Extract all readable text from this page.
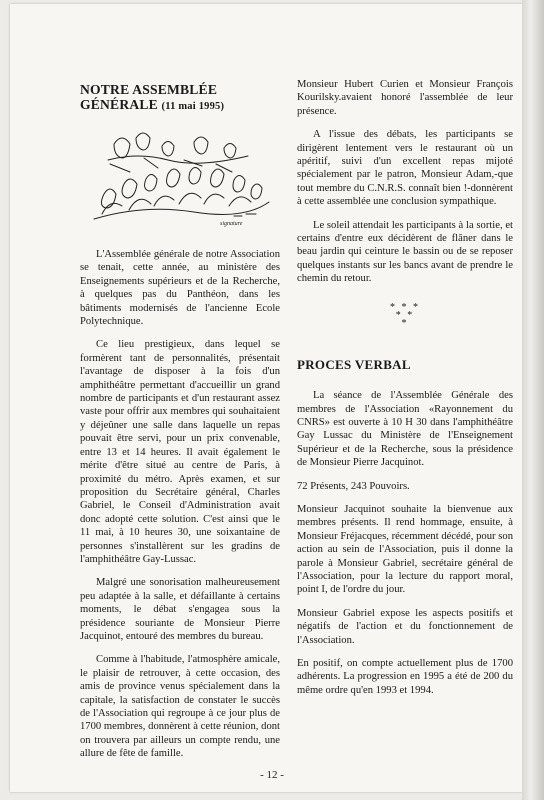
NOTRE ASSEMBLÉE
GÉNÉRALE (11 mai 1995)
signature

L'Assemblée générale de notre Association se tenait, cette année, au ministère des Enseignements supérieurs et de la Recherche, à quelques pas du Panthéon, dans les bâtiments modernisés de l'ancienne Ecole Polytechnique.

Ce lieu prestigieux, dans lequel se formèrent tant de personnalités, présentait l'avantage de disposer à la fois d'un amphithéâtre permettant d'accueillir un grand nombre de participants et d'un restaurant assez vaste pour offrir aux membres qui souhaitaient y déjeûner une salle dans laquelle un repas pouvait être servi, pour un prix convenable, entre 13 et 14 heures. Il avait également le mérite d'être situé au centre de Paris, à proximité du métro. Après examen, et sur proposition du Secrétaire général, Charles Gabriel, le Conseil d'Administration avait donc adopté cette solution. C'est ainsi que le 11 mai, à 10 heures 30, une soixantaine de personnes s'installèrent sur les gradins de l'amphithéâtre Gay-Lussac.

Malgré une sonorisation malheureusement peu adaptée à la salle, et défaillante à certains moments, le débat s'engagea sous la présidence souriante de Monsieur Pierre Jacquinot, entouré des membres du bureau.

Comme à l'habitude, l'atmosphère amicale, le plaisir de retrouver, à cette occasion, des amis de province venus spécialement dans la capitale, la satisfaction de constater le succès de l'Association qui regroupe à ce jour plus de 1700 membres, donnèrent à cette réunion, dont on trouvera par ailleurs un compte rendu, une allure de fête de famille.

Monsieur Hubert Curien et Monsieur François Kourilsky.avaient honoré l'assemblée de leur présence.

A l'issue des débats, les participants se dirigèrent lentement vers le restaurant où un apéritif, suivi d'un excellent repas mijoté spécialement par le patron, Monsieur Adam,-que tout membre du C.N.R.S. connaît bien !-donnèrent à cette assemblée une conclusion sympathique.

Le soleil attendait les participants à la sortie, et certains d'entre eux décidèrent de flâner dans le beau jardin qui ceinture le bassin ou de se reposer quelques instants sur les bancs avant de prendre le chemin du retour.

* * *
* *
*
PROCES VERBAL

La séance de l'Assemblée Générale des membres de l'Association «Rayonnement du CNRS» est ouverte à 10 H 30 dans l'amphithéâtre Gay Lussac du Ministère de l'Enseignement Supérieur et de la Recherche, sous la présidence de Monsieur Pierre Jacquinot.

72 Présents, 243 Pouvoirs.

Monsieur Jacquinot souhaite la bienvenue aux membres présents. Il rend hommage, ensuite, à Monsieur Fréjacques, récemment décédé, pour son action au sein de l'Association, puis il donne la parole à Monsieur Gabriel, secrétaire général de l'Association, pour la lecture du rapport moral, point I, de l'ordre du jour.

Monsieur Gabriel expose les aspects positifs et négatifs de l'action et du fonctionnement de l'Association.

En positif, on compte actuellement plus de 1700 adhérents. La progression en 1995 a été de 200 du même ordre qu'en 1993 et 1994.

- 12 -
